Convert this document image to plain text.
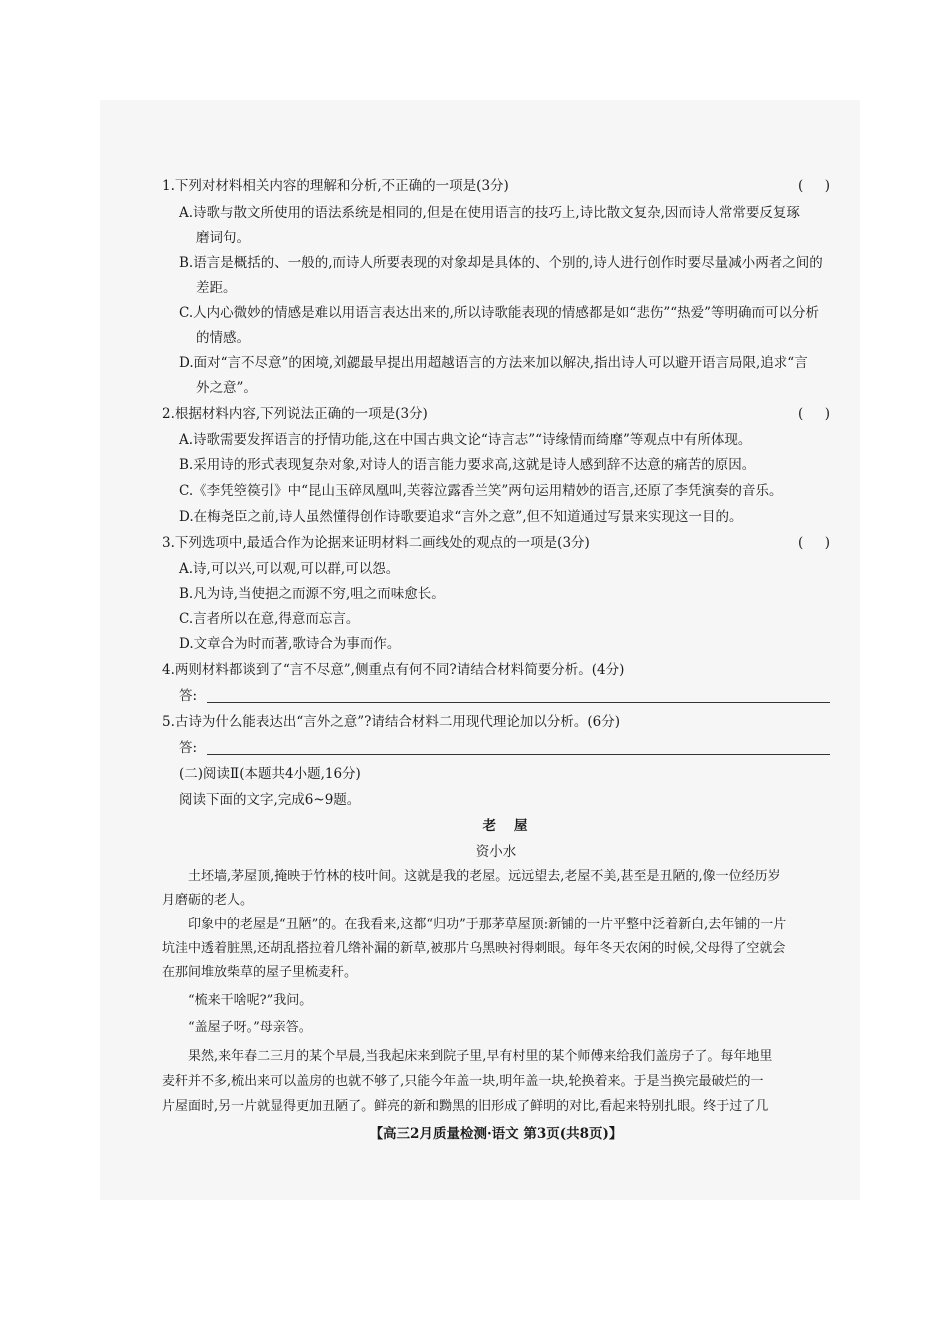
1.下列对材料相关内容的理解和分析,不正确的一项是(3分)	(     )
A.诗歌与散文所使用的语法系统是相同的,但是在使用语言的技巧上,诗比散文复杂,因而诗人常常要反复琢
磨词句。
B.语言是概括的、一般的,而诗人所要表现的对象却是具体的、个别的,诗人进行创作时要尽量减小两者之间的
差距。
C.人内心微妙的情感是难以用语言表达出来的,所以诗歌能表现的情感都是如“悲伤”“热爱”等明确而可以分析
的情感。
D.面对“言不尽意”的困境,刘勰最早提出用超越语言的方法来加以解决,指出诗人可以避开语言局限,追求“言
外之意”。
2.根据材料内容,下列说法正确的一项是(3分)	(     )
A.诗歌需要发挥语言的抒情功能,这在中国古典文论“诗言志”“诗缘情而绮靡”等观点中有所体现。
B.采用诗的形式表现复杂对象,对诗人的语言能力要求高,这就是诗人感到辞不达意的痛苦的原因。
C.《李凭箜篌引》中“昆山玉碎凤凰叫,芙蓉泣露香兰笑”两句运用精妙的语言,还原了李凭演奏的音乐。
D.在梅尧臣之前,诗人虽然懂得创作诗歌要追求“言外之意”,但不知道通过写景来实现这一目的。
3.下列选项中,最适合作为论据来证明材料二画线处的观点的一项是(3分)	(     )
A.诗,可以兴,可以观,可以群,可以怨。
B.凡为诗,当使挹之而源不穷,咀之而味愈长。
C.言者所以在意,得意而忘言。
D.文章合为时而著,歌诗合为事而作。
4.两则材料都谈到了“言不尽意”,侧重点有何不同?请结合材料简要分析。(4分)
答:
5.古诗为什么能表达出“言外之意”?请结合材料二用现代理论加以分析。(6分)
答:
(二)阅读Ⅱ(本题共4小题,16分)
阅读下面的文字,完成6~9题。
老屋
资小水
土坯墙,茅屋顶,掩映于竹林的枝叶间。这就是我的老屋。远远望去,老屋不美,甚至是丑陋的,像一位经历岁
月磨砺的老人。
印象中的老屋是“丑陋”的。在我看来,这都“归功”于那茅草屋顶:新铺的一片平整中泛着新白,去年铺的一片
坑洼中透着脏黑,还胡乱搭拉着几绺补漏的新草,被那片乌黑映衬得刺眼。每年冬天农闲的时候,父母得了空就会
在那间堆放柴草的屋子里梳麦秆。
“梳来干啥呢?”我问。
“盖屋子呀。”母亲答。
果然,来年春二三月的某个早晨,当我起床来到院子里,早有村里的某个师傅来给我们盖房子了。每年地里
麦秆并不多,梳出来可以盖房的也就不够了,只能今年盖一块,明年盖一块,轮换着来。于是当换完最破烂的一
片屋面时,另一片就显得更加丑陋了。鲜亮的新和黝黑的旧形成了鲜明的对比,看起来特别扎眼。终于过了几
【高三2月质量检测·语文 第3页(共8页)】
